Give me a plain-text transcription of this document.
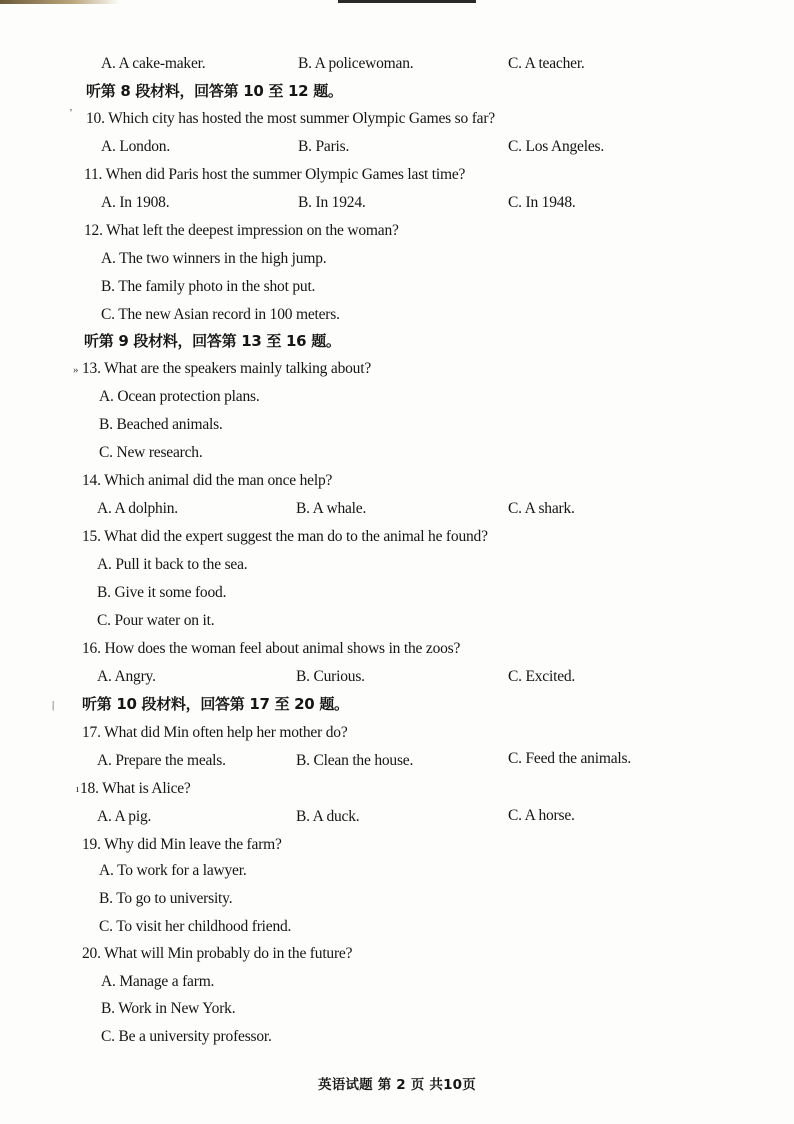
A. A cake-maker.	B. A policewoman.	C. A teacher.
听第 8 段材料，回答第 10 至 12 题。
' 10. Which city has hosted the most summer Olympic Games so far?
A. London.	B. Paris.	C. Los Angeles.
11. When did Paris host the summer Olympic Games last time?
A. In 1908.	B. In 1924.	C. In 1948.
12. What left the deepest impression on the woman?
A. The two winners in the high jump.
B. The family photo in the shot put.
C. The new Asian record in 100 meters.
听第 9 段材料，回答第 13 至 16 题。
» 13. What are the speakers mainly talking about?
A. Ocean protection plans.
B. Beached animals.
C. New research.
14. Which animal did the man once help?
A. A dolphin.	B. A whale.	C. A shark.
15. What did the expert suggest the man do to the animal he found?
A. Pull it back to the sea.
B. Give it some food.
C. Pour water on it.
16. How does the woman feel about animal shows in the zoos?
A. Angry.	B. Curious.	C. Excited.
| 听第 10 段材料，回答第 17 至 20 题。
17. What did Min often help her mother do?
A. Prepare the meals.	B. Clean the house.	C. Feed the animals.
ı 18. What is Alice?
A. A pig.	B. A duck.	C. A horse.
19. Why did Min leave the farm?
A. To work for a lawyer.
B. To go to university.
C. To visit her childhood friend.
20. What will Min probably do in the future?
A. Manage a farm.
B. Work in New York.
C. Be a university professor.
英语试题 第 2 页 共10页
